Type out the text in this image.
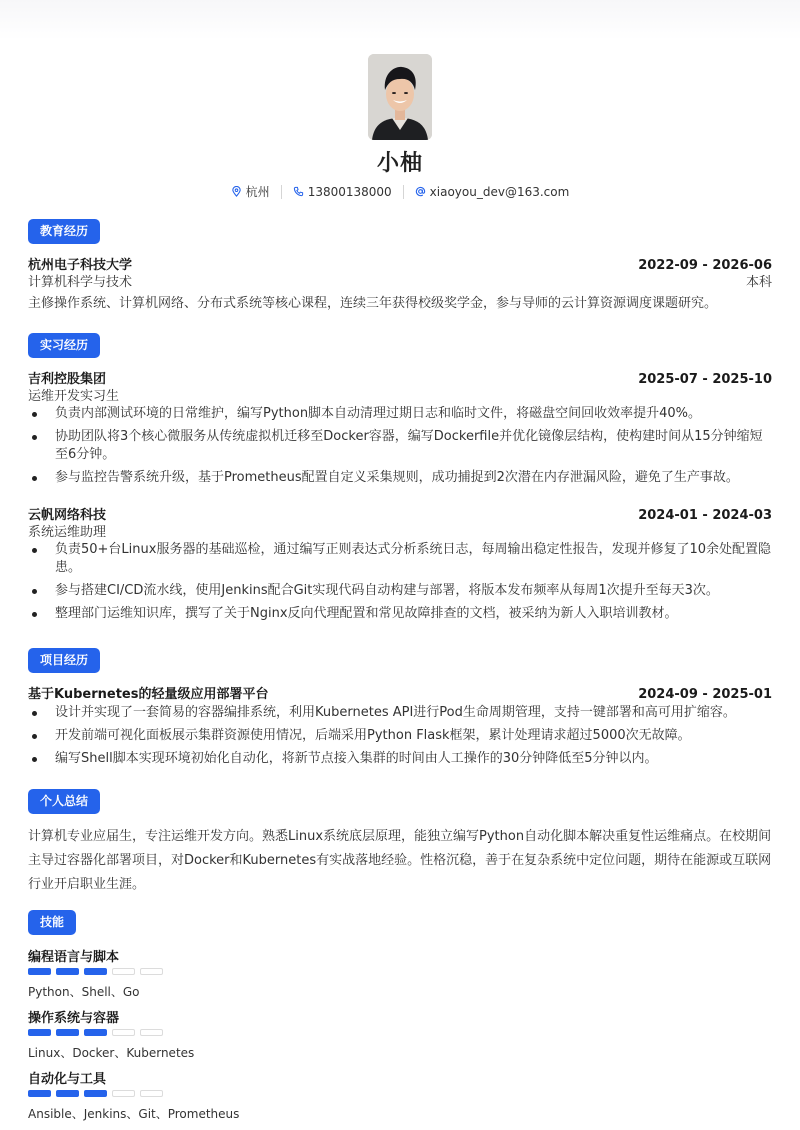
小柚
杭州	13800138000	xiaoyou_dev@163.com
教育经历
杭州电子科技大学	2022-09 - 2026-06
计算机科学与技术	本科
主修操作系统、计算机网络、分布式系统等核心课程，连续三年获得校级奖学金，参与导师的云计算资源调度课题研究。
实习经历
吉利控股集团	2025-07 - 2025-10
运维开发实习生
负责内部测试环境的日常维护，编写Python脚本自动清理过期日志和临时文件，将磁盘空间回收效率提升40%。
协助团队将3个核心微服务从传统虚拟机迁移至Docker容器，编写Dockerfile并优化镜像层结构，使构建时间从15分钟缩短至6分钟。
参与监控告警系统升级，基于Prometheus配置自定义采集规则，成功捕捉到2次潜在内存泄漏风险，避免了生产事故。
云帆网络科技	2024-01 - 2024-03
系统运维助理
负责50+台Linux服务器的基础巡检，通过编写正则表达式分析系统日志，每周输出稳定性报告，发现并修复了10余处配置隐患。
参与搭建CI/CD流水线，使用Jenkins配合Git实现代码自动构建与部署，将版本发布频率从每周1次提升至每天3次。
整理部门运维知识库，撰写了关于Nginx反向代理配置和常见故障排查的文档，被采纳为新人入职培训教材。
项目经历
基于Kubernetes的轻量级应用部署平台	2024-09 - 2025-01
设计并实现了一套简易的容器编排系统，利用Kubernetes API进行Pod生命周期管理，支持一键部署和高可用扩缩容。
开发前端可视化面板展示集群资源使用情况，后端采用Python Flask框架，累计处理请求超过5000次无故障。
编写Shell脚本实现环境初始化自动化，将新节点接入集群的时间由人工操作的30分钟降低至5分钟以内。
个人总结
计算机专业应届生，专注运维开发方向。熟悉Linux系统底层原理，能独立编写Python自动化脚本解决重复性运维痛点。在校期间主导过容器化部署项目，对Docker和Kubernetes有实战落地经验。性格沉稳，善于在复杂系统中定位问题，期待在能源或互联网行业开启职业生涯。
技能
编程语言与脚本
Python、Shell、Go
操作系统与容器
Linux、Docker、Kubernetes
自动化与工具
Ansible、Jenkins、Git、Prometheus
